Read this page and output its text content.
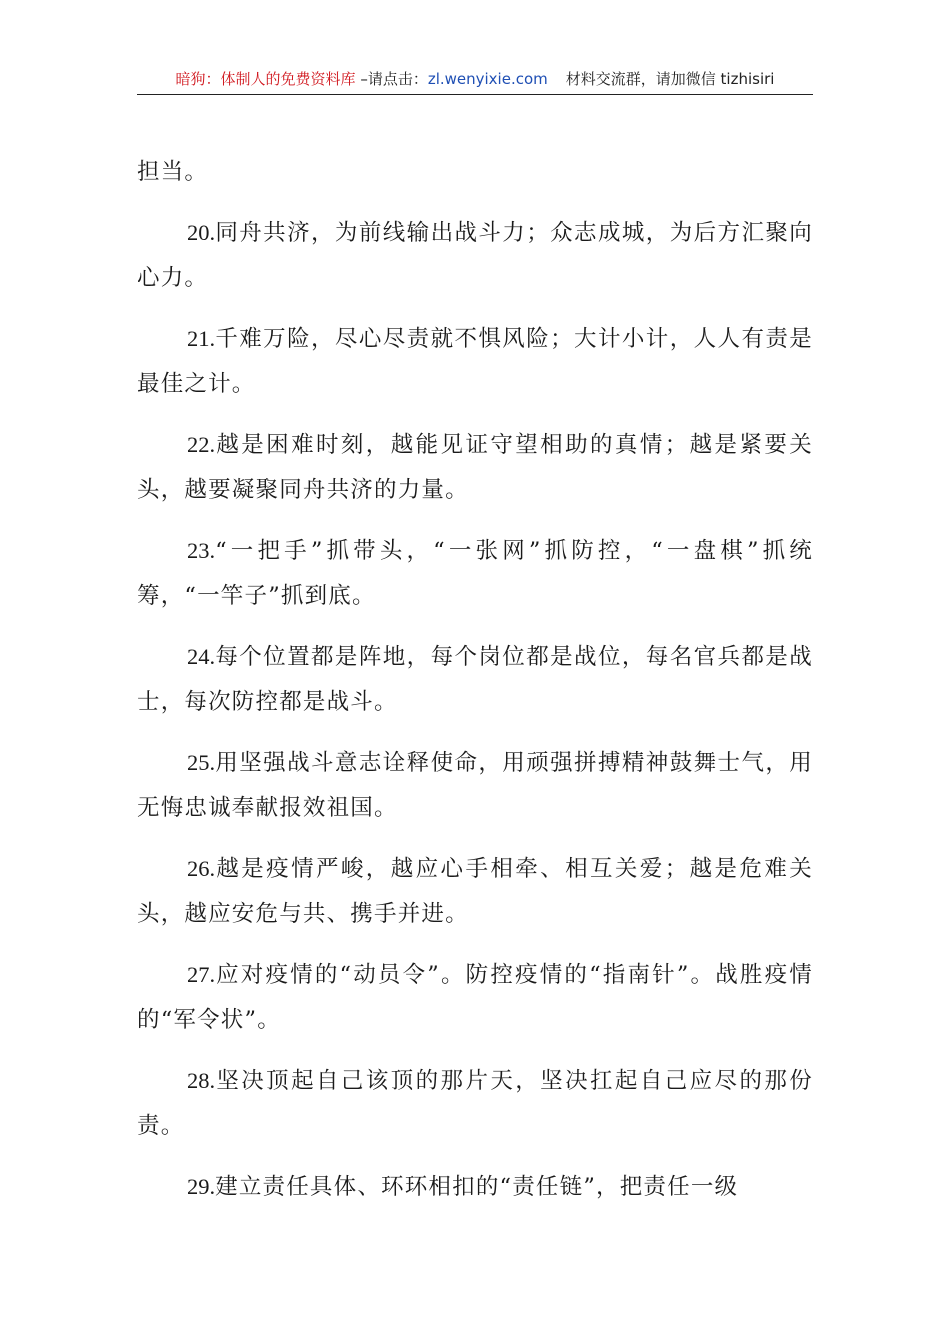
暗狗：体制人的免费资料库 –请点击：zl.wenyixie.com 材料交流群，请加微信 tizhisiri

担当。

20.同舟共济，为前线输出战斗力；众志成城，为后方汇聚向心力。

21.千难万险，尽心尽责就不惧风险；大计小计，人人有责是最佳之计。

22.越是困难时刻，越能见证守望相助的真情；越是紧要关头，越要凝聚同舟共济的力量。

23.“一把手”抓带头，“一张网”抓防控，“一盘棋”抓统筹，“一竿子”抓到底。

24.每个位置都是阵地，每个岗位都是战位，每名官兵都是战士，每次防控都是战斗。

25.用坚强战斗意志诠释使命，用顽强拼搏精神鼓舞士气，用无悔忠诚奉献报效祖国。

26.越是疫情严峻，越应心手相牵、相互关爱；越是危难关头，越应安危与共、携手并进。

27.应对疫情的“动员令”。防控疫情的“指南针”。战胜疫情的“军令状”。

28.坚决顶起自己该顶的那片天，坚决扛起自己应尽的那份责。

29.建立责任具体、环环相扣的“责任链”，把责任一级
